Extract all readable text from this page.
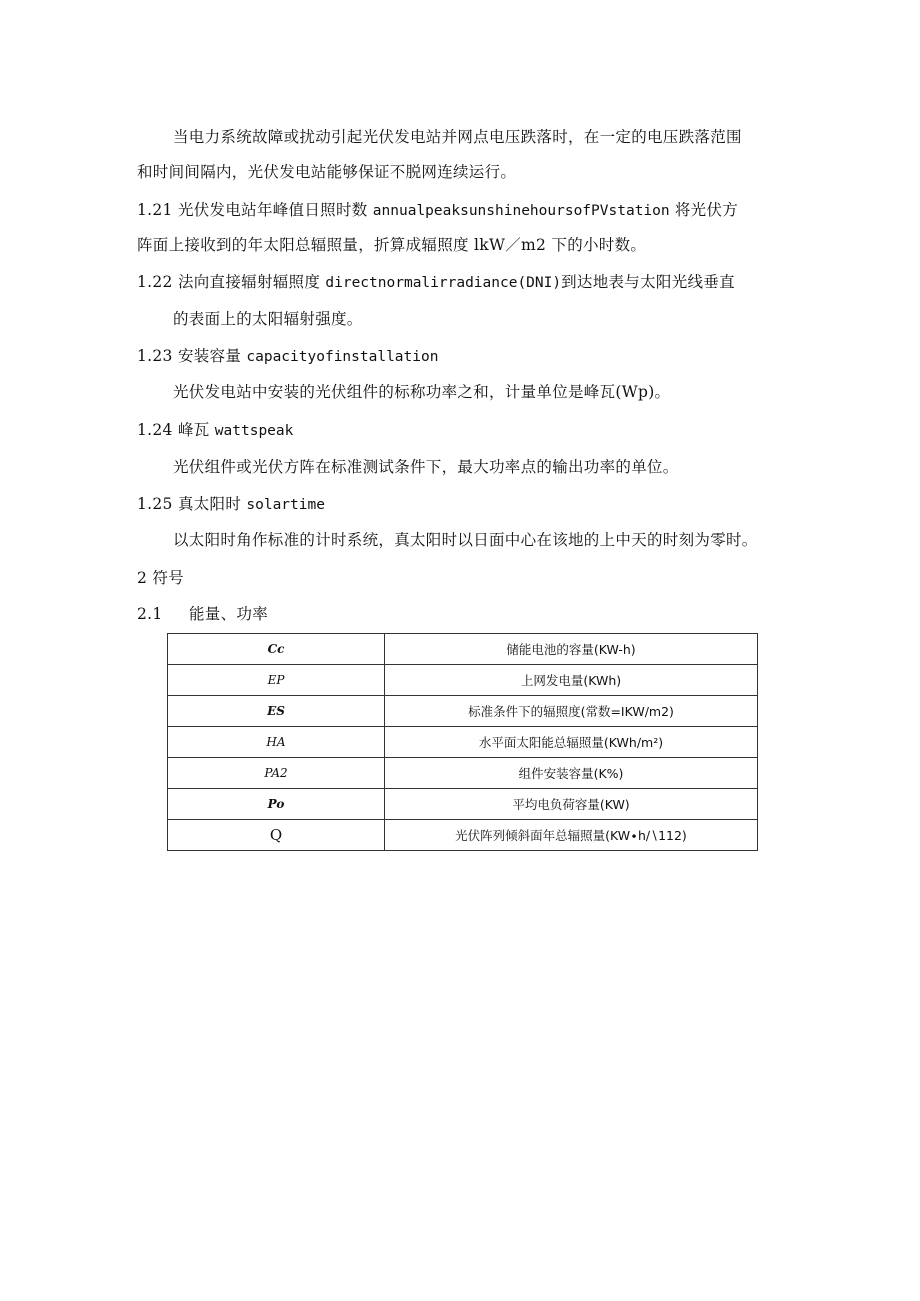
当电力系统故障或扰动引起光伏发电站并网点电压跌落时，在一定的电压跌落范围
和时间间隔内，光伏发电站能够保证不脱网连续运行。
1.21 光伏发电站年峰值日照时数 annualpeaksunshinehoursofPVstation 将光伏方
阵面上接收到的年太阳总辐照量，折算成辐照度 lkW／m2 下的小时数。
1.22 法向直接辐射辐照度 directnormalirradiance(DNI)到达地表与太阳光线垂直
的表面上的太阳辐射强度。
1.23 安装容量 capacityofinstallation
光伏发电站中安装的光伏组件的标称功率之和，计量单位是峰瓦(Wp)。
1.24 峰瓦 wattspeak
光伏组件或光伏方阵在标准测试条件下，最大功率点的输出功率的单位。
1.25 真太阳时 solartime
以太阳时角作标准的计时系统，真太阳时以日面中心在该地的上中天的时刻为零时。
2 符号
2.1 能量、功率
Cc	储能电池的容量(KW-h)
EP	上网发电量(KWh)
ES	标准条件下的辐照度(常数=IKW/m2)
HA	水平面太阳能总辐照量(KWh∕m²)
PA2	组件安装容量(K%)
Po	平均电负荷容量(KW)
Q	光伏阵列倾斜面年总辐照量(KW∙h∕∖112)
